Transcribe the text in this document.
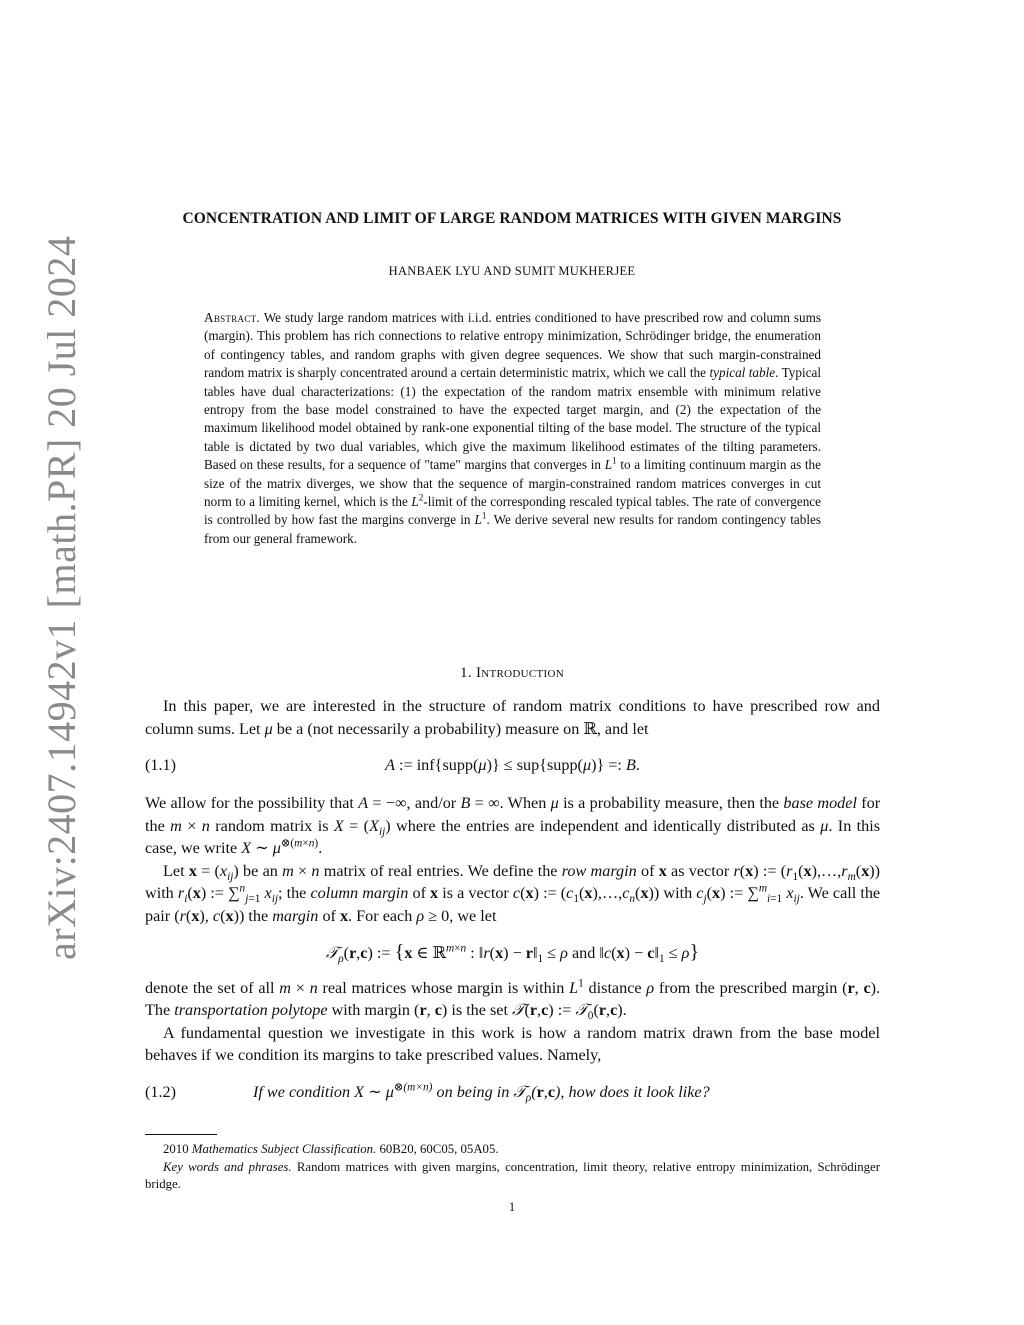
arXiv:2407.14942v1 [math.PR] 20 Jul 2024
CONCENTRATION AND LIMIT OF LARGE RANDOM MATRICES WITH GIVEN MARGINS
HANBAEK LYU AND SUMIT MUKHERJEE

Abstract. We study large random matrices with i.i.d. entries conditioned to have prescribed row and column sums (margin). This problem has rich connections to relative entropy minimization, Schrödinger bridge, the enumeration of contingency tables, and random graphs with given degree sequences. We show that such margin-constrained random matrix is sharply concentrated around a certain deterministic matrix, which we call the typical table. Typical tables have dual characterizations: (1) the expectation of the random matrix ensemble with minimum relative entropy from the base model constrained to have the expected target margin, and (2) the expectation of the maximum likelihood model obtained by rank-one exponential tilting of the base model. The structure of the typical table is dictated by two dual variables, which give the maximum likelihood estimates of the tilting parameters. Based on these results, for a sequence of "tame" margins that converges in $L^1$ to a limiting continuum margin as the size of the matrix diverges, we show that the sequence of margin-constrained random matrices converges in cut norm to a limiting kernel, which is the $L^2$-limit of the corresponding rescaled typical tables. The rate of convergence is controlled by how fast the margins converge in $L^1$. We derive several new results for random contingency tables from our general framework.

1. Introduction

In this paper, we are interested in the structure of random matrix conditions to have prescribed row and column sums. Let μ be a (not necessarily a probability) measure on ℝ, and let

(1.1)	A := inf{supp(μ)} ≤ sup{supp(μ)} =: B.

We allow for the possibility that A = −∞, and/or B = ∞. When μ is a probability measure, then the base model for the m × n random matrix is $X = (X_{ij})$ where the entries are independent and identically distributed as μ. In this case, we write X ∼ $\mu^{\otimes(m\times n)}$.

Let $x = (x_{ij})$ be an m × n matrix of real entries. We define the row margin of x as vector r(x) := $(r_1(x),\dots,r_m(x))$ with $r_i(x)$ := ∑$^n_{j=1}$ $x_{ij}$; the column margin of x is a vector c(x) := $(c_1(x),\dots,c_n(x))$ with $c_j(x)$ := ∑$^m_{i=1}$ $x_{ij}$. We call the pair (r(x), c(x)) the margin of x. For each ρ ≥ 0, we let

𝒯$_\rho$(r,c) := {x ∈ ℝ$^{m\times n}$ : ‖r(x) − $r‖_1 \le \rho$ and ‖c(x) − $c‖_1 \le \rho$}

denote the set of all m × n real matrices whose margin is within $L^1$ distance ρ from the prescribed margin (r, c). The transportation polytope with margin (r, c) is the set 𝒯(r,c) := 𝒯$_0$(r,c).

A fundamental question we investigate in this work is how a random matrix drawn from the base model behaves if we condition its margins to take prescribed values. Namely,

(1.2)	If we condition X ∼ $\mu^{\otimes(m\times n)}$ on being in 𝒯$_\rho$(r,c), how does it look like?

2010 Mathematics Subject Classification. 60B20, 60C05, 05A05.

Key words and phrases. Random matrices with given margins, concentration, limit theory, relative entropy minimization, Schrödinger bridge.

1
